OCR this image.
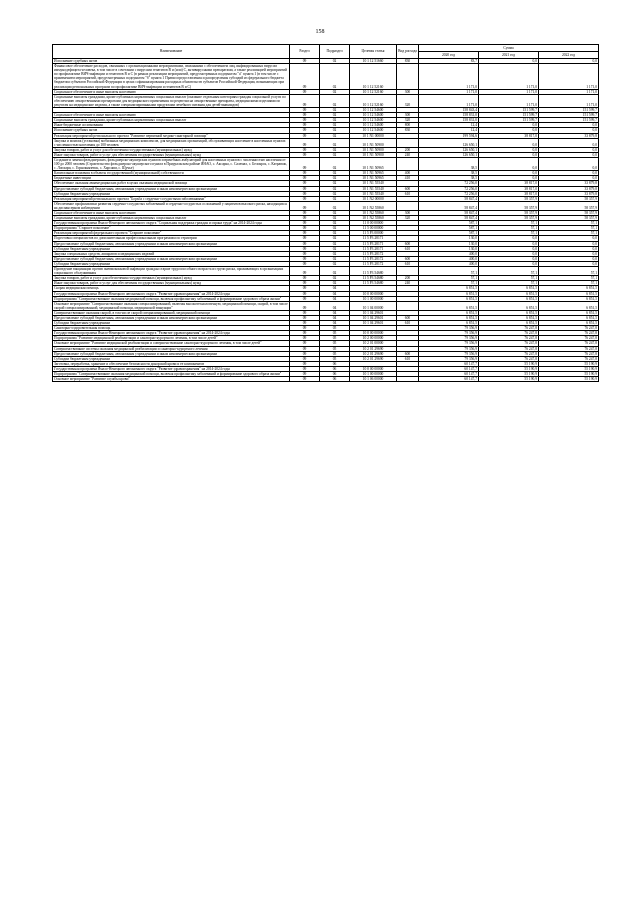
158
Наименование	Раздел	Подраздел	Целевая статья	Вид расхода	Сумма		
					2020 год	2021 год	2022 год
Исполнение судебных актов	09	02	10 1 12 51660	830	83,7	0,0	0,0
Финансовое обеспечение расходов, связанных с организационными мероприятиями, связанными с обеспечением лиц, инфицированных вирусом иммунодефицита человека, в том числе в сочетании с вирусами гепатитов B и (или) C, антивирусными препаратами, а также реализацией мероприятий по профилактике ВИЧ-инфекции и гепатитов B и C (в рамках реализации мероприятий, предусмотренных подпунктом "а" пункта 1 (в том числе с применением мероприятий, предусмотренных подпунктом "б" пункта 1 Правил предоставления и распределения субсидий из федерального бюджета бюджетам субъектов Российской Федерации в целях софинансирования расходных обязательств субъектов Российской Федерации, возникающих при реализации региональных программ по профилактике ВИЧ-инфекции и гепатитов B и C)	09	02	10 1 12 52160		1 171,0	1 171,0	1 171,0
Социальное обеспечение и иные выплаты населению	09	02	10 1 12 52160	300	1 171,0	1 171,0	1 171,0
Социальные выплаты гражданам, кроме публичных нормативных социальных выплат (оказание отдельным категориям граждан социальной услуги по обеспечению лекарственными препаратами для медицинского применения по рецептам на лекарственные препараты, медицинскими изделиями по рецептам на медицинские изделия, а также специализированными продуктами лечебного питания для детей-инвалидов)	09	02	10 1 12 52160	320	1 171,0	1 171,0	1 171,0
	09	02	10 1 12 54600		158 843,4	151 599,7	151 599,7
Социальное обеспечение и иные выплаты населению	09	02	10 1 12 54600	300	158 831,0	151 599,7	151 599,7
Социальные выплаты гражданам, кроме публичных нормативных социальных выплат	09	02	10 1 12 54600	320	158 831,0	151 599,7	151 599,7
Иные бюджетные ассигнования	09	02	10 1 12 54600	800	12,4	0,0	0,0
Исполнение судебных актов	09	02	10 1 12 54600	830	12,4	0,0	0,0
Реализация мероприятий регионального проекта "Развитие первичной медико-санитарной помощи"	09	02	10 1 N1 00000		199 594,6	38 817,0	33 879,8
Закупка и монтаж (установка) мобильных медицинских комплексов, для медицинских организаций, обслуживающих население в населенных пунктах с численностью населения до 100 человек	09	02	10 1 N1 50900		126 650,1	0,0	0,0
Закупка товаров, работ и услуг для обеспечения государственных (муниципальных) нужд	09	02	10 1 N1 50900	200	126 650,1	0,0	0,0
Иные закупки товаров, работ и услуг для обеспечения государственных (муниципальных) нужд	09	02	10 1 N1 50900	240	126 650,1	0,0	0,0
Создание и замена фельдшерских, фельдшерско-акушерских пунктов и врачебных амбулаторий для населенных пунктов с численностью населения от 100 до 2000 человек (Строительство фельдшерско-акушерского пункта в Приуральском районе ЯНАО, с. Аксарка, с. Салемал, с. Белоярск, с. Катравож, с. Лопхари, с. Горнокнязевск, с. Харсаим, с. Щучье)	09	02	10 1 N1 50965		38,5	0,0	0,0
Капитальные вложения в объекты государственной (муниципальной) собственности	09	02	10 1 N1 50965	400	38,5	0,0	0,0
Бюджетные инвестиции	09	02	10 1 N1 50965	410	38,5	0,0	0,0
Обеспечение оказания авиамедицинских работ в целях оказания медицинской помощи	09	02	10 1 N1 55540		72 256,0	38 817,0	33 879,8
Предоставление субсидий бюджетным, автономным учреждениям и иным некоммерческим организациям	09	02	10 1 N1 55540	600	72 256,0	38 817,0	33 879,8
Субсидии бюджетным учреждениям	09	02	10 1 N1 55540	610	72 256,0	38 817,0	33 879,8
Реализация мероприятий регионального проекта "Борьба с сердечно-сосудистыми заболеваниями"	09	02	10 1 N2 00000		58 847,4	58 357,9	58 357,9
Обеспечение профилактики развития сердечно-сосудистых заболеваний и сердечно-сосудистых осложнений у пациентов высокого риска, находящихся на диспансерном наблюдении	09	02	10 1 N2 55860		58 847,4	58 357,9	58 357,9
Социальное обеспечение и иные выплаты населению	09	02	10 1 N2 55860	300	58 847,4	58 357,9	58 357,9
Социальные выплаты гражданам, кроме публичных нормативных социальных выплат	09	02	10 1 N2 55860	320	58 847,4	58 357,9	58 357,9
Государственная программа Ямало-Ненецкого автономного округа "Социальная поддержка граждан и охрана труда" на 2014-2024 годы	09	02	11 0 00 00000		587,1	57,1	57,1
Подпрограмма "Старшее поколение"	09	02	11 5 00 00000		587,1	57,1	57,1
Реализация мероприятий федерального проекта "Старшее поколение"	09	02	11 5 P3 00000		587,1	57,1	57,1
Подготовка специалистов по дополнительным профессиональным программам по гериатрии	09	02	11 5 P3 28171		130,0	0,0	0,0
Предоставление субсидий бюджетным, автономным учреждениям и иным некоммерческим организациям	09	02	11 5 P3 28171	600	130,0	0,0	0,0
Субсидии бюджетным учреждениям	09	02	11 5 P3 28171	610	130,0	0,0	0,0
Закупка специальных средств, аппаратов и медицинских изделий	09	02	11 5 P3 28172		400,0	0,0	0,0
Предоставление субсидий бюджетным, автономным учреждениям и иным некоммерческим организациям	09	02	11 5 P3 28172	600	400,0	0,0	0,0
Субсидии бюджетным учреждениям	09	02	11 5 P3 28172	610	400,0	0,0	0,0
Проведение вакцинации против пневмококковой инфекции граждан старше трудоспособного возраста из групп риска, проживающих в организациях социального обслуживания	09	02	11 5 P3 54680		57,1	57,1	57,1
Закупка товаров, работ и услуг для обеспечения государственных (муниципальных) нужд	09	02	11 5 P3 54680	200	57,1	57,1	57,1
Иные закупки товаров, работ и услуг для обеспечения государственных (муниципальных) нужд	09	02	11 5 P3 54680	240	57,1	57,1	57,1
Скорая медицинская помощь	09	04			6 851,5	6 851,5	6 851,5
Государственная программа Ямало-Ненецкого автономного округа "Развитие здравоохранения" на 2014-2024 годы	09	04	10 0 00 00000		6 851,5	6 851,5	6 851,5
Подпрограмма "Совершенствование оказания медицинской помощи, включая профилактику заболеваний и формирование здорового образа жизни"	09	04	10 1 00 00000		6 851,5	6 851,5	6 851,5
Основное мероприятие "Совершенствование оказания специализированной, включая высокотехнологичную, медицинской помощи, скорой, в том числе скорой специализированной, медицинской помощи, медицинской эвакуации"	09	04	10 1 04 00000		6 851,5	6 851,5	6 851,5
Совершенствование оказания скорой, в том числе скорой специализированной, медицинской помощи	09	04	10 1 04 29601		6 851,5	6 851,5	6 851,5
Предоставление субсидий бюджетным, автономным учреждениям и иным некоммерческим организациям	09	04	10 1 04 29601	600	6 851,5	6 851,5	6 851,5
Субсидии бюджетным учреждениям	09	04	10 1 04 29601	610	6 851,5	6 851,5	6 851,5
Санаторно-оздоровительная помощь	09	05			79 356,9	76 247,8	76 247,8
Государственная программа Ямало-Ненецкого автономного округа "Развитие здравоохранения" на 2014-2024 годы	09	05	10 0 00 00000		79 356,9	76 247,8	76 247,8
Подпрограмма "Развитие медицинской реабилитации и санаторно-курортного лечения, в том числе детей"	09	05	10 2 00 00000		79 356,9	76 247,8	76 247,8
Основное мероприятие "Развитие медицинской реабилитации и совершенствование санаторно-курортного лечения, в том числе детей"	09	05	10 2 01 00000		79 356,9	76 247,8	76 247,8
Совершенствование системы оказания медицинской реабилитации и санаторно-курортного лечения	09	05	10 2 01 29690		79 356,9	76 247,8	76 247,8
Предоставление субсидий бюджетным, автономным учреждениям и иным некоммерческим организациям	09	05	10 2 01 29690	600	79 356,9	76 247,8	76 247,8
Субсидии бюджетным учреждениям	09	05	10 2 01 29690	610	79 356,9	76 247,8	76 247,8
Заготовка, переработка, хранение и обеспечение безопасности донорской крови и ее компонентов	09	06			60 147,7	55 190,9	55 190,9
Государственная программа Ямало-Ненецкого автономного округа "Развитие здравоохранения" на 2014-2024 годы	09	06	10 0 00 00000		60 147,7	55 190,9	55 190,9
Подпрограмма "Совершенствование оказания медицинской помощи, включая профилактику заболеваний и формирование здорового образа жизни"	09	06	10 1 00 00000		60 147,7	55 190,9	55 190,9
Основное мероприятие "Развитие службы крови"	09	06	10 1 06 00000		60 147,7	55 190,9	55 190,9
